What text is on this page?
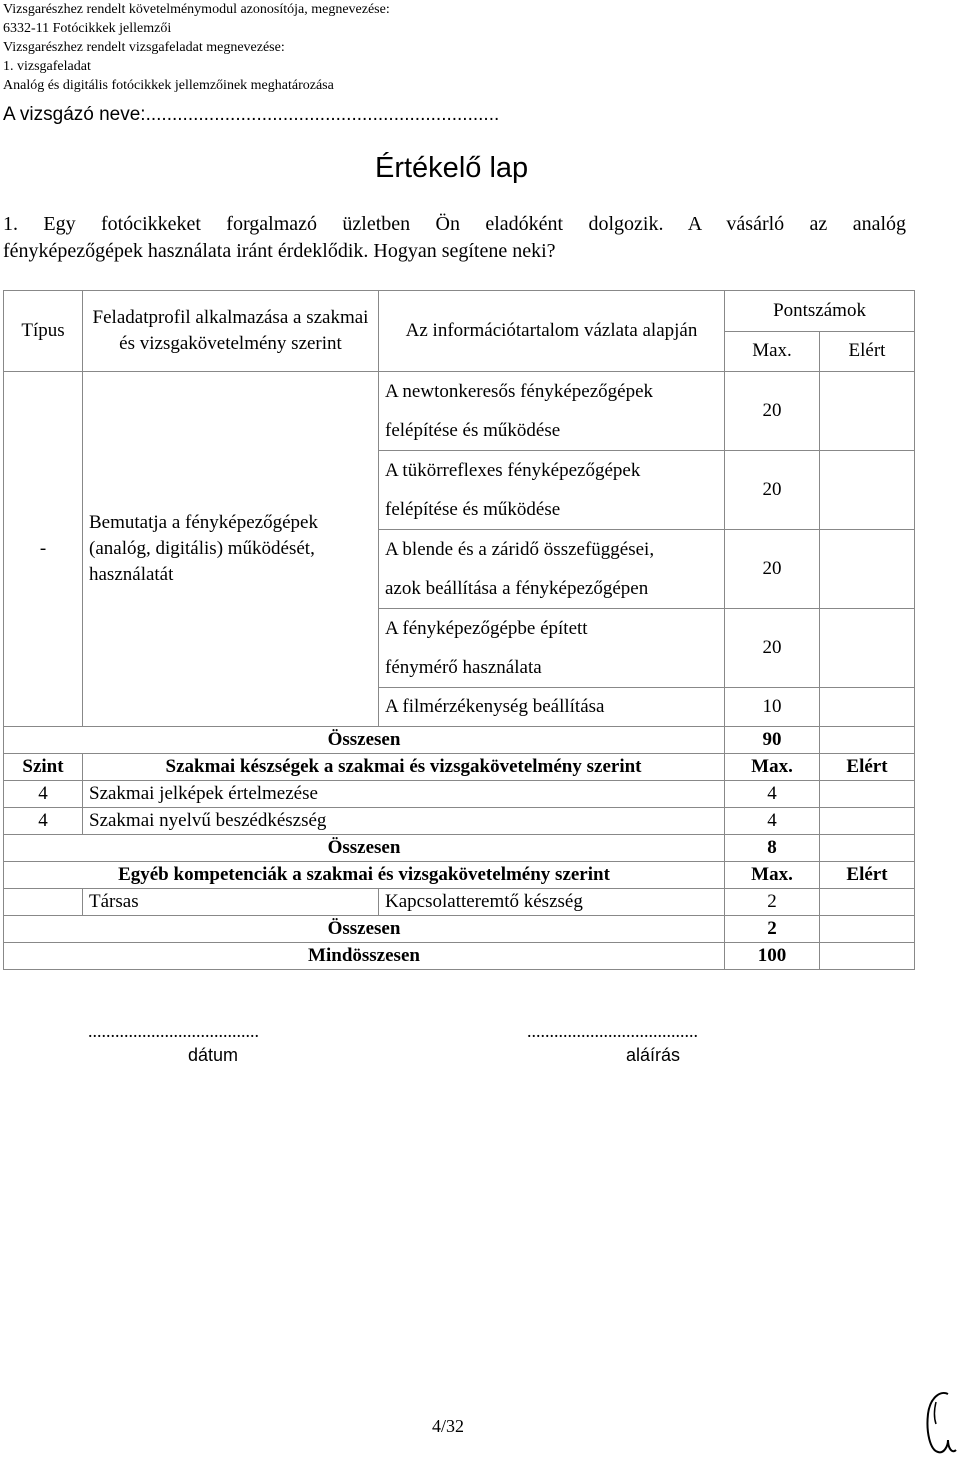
Vizsgarészhez rendelt követelménymodul azonosítója, megnevezése:
6332-11 Fotócikkek jellemzői
Vizsgarészhez rendelt vizsgafeladat megnevezése:
1. vizsgafeladat
Analóg és digitális fotócikkek jellemzőinek meghatározása
A vizsgázó neve:...................................................................
Értékelő lap
1. Egy fotócikkeket forgalmazó üzletben Ön eladóként dolgozik. A vásárló az analóg
fényképezőgépek használata iránt érdeklődik. Hogyan segítene neki?
Típus	Feladatprofil alkalmazása a szakmai és vizsgakövetelmény szerint	Az információtartalom vázlata alapján	Pontszámok	
			Max.	Elért
-	Bemutatja a fényképezőgépek (analóg, digitális) működését, használatát	A newtonkeresős fényképezőgépek
felépítése és működése	20	
		A tükörreflexes fényképezőgépek
felépítése és működése	20	
		A blende és a záridő összefüggései,
azok beállítása a fényképezőgépen	20	
		A fényképezőgépbe épített
fénymérő használata	20	
		A filmérzékenység beállítása	10	
Összesen			90	
Szint	Szakmai készségek a szakmai és vizsgakövetelmény szerint		Max.	Elért
4	Szakmai jelképek értelmezése		4	
4	Szakmai nyelvű beszédkészség		4	
Összesen			8	
Egyéb kompetenciák a szakmai és vizsgakövetelmény szerint			Max.	Elért
	Társas	Kapcsolatteremtő készség	2	
Összesen			2	
Mindösszesen			100	
......................................
dátum
......................................
aláírás
4/32
